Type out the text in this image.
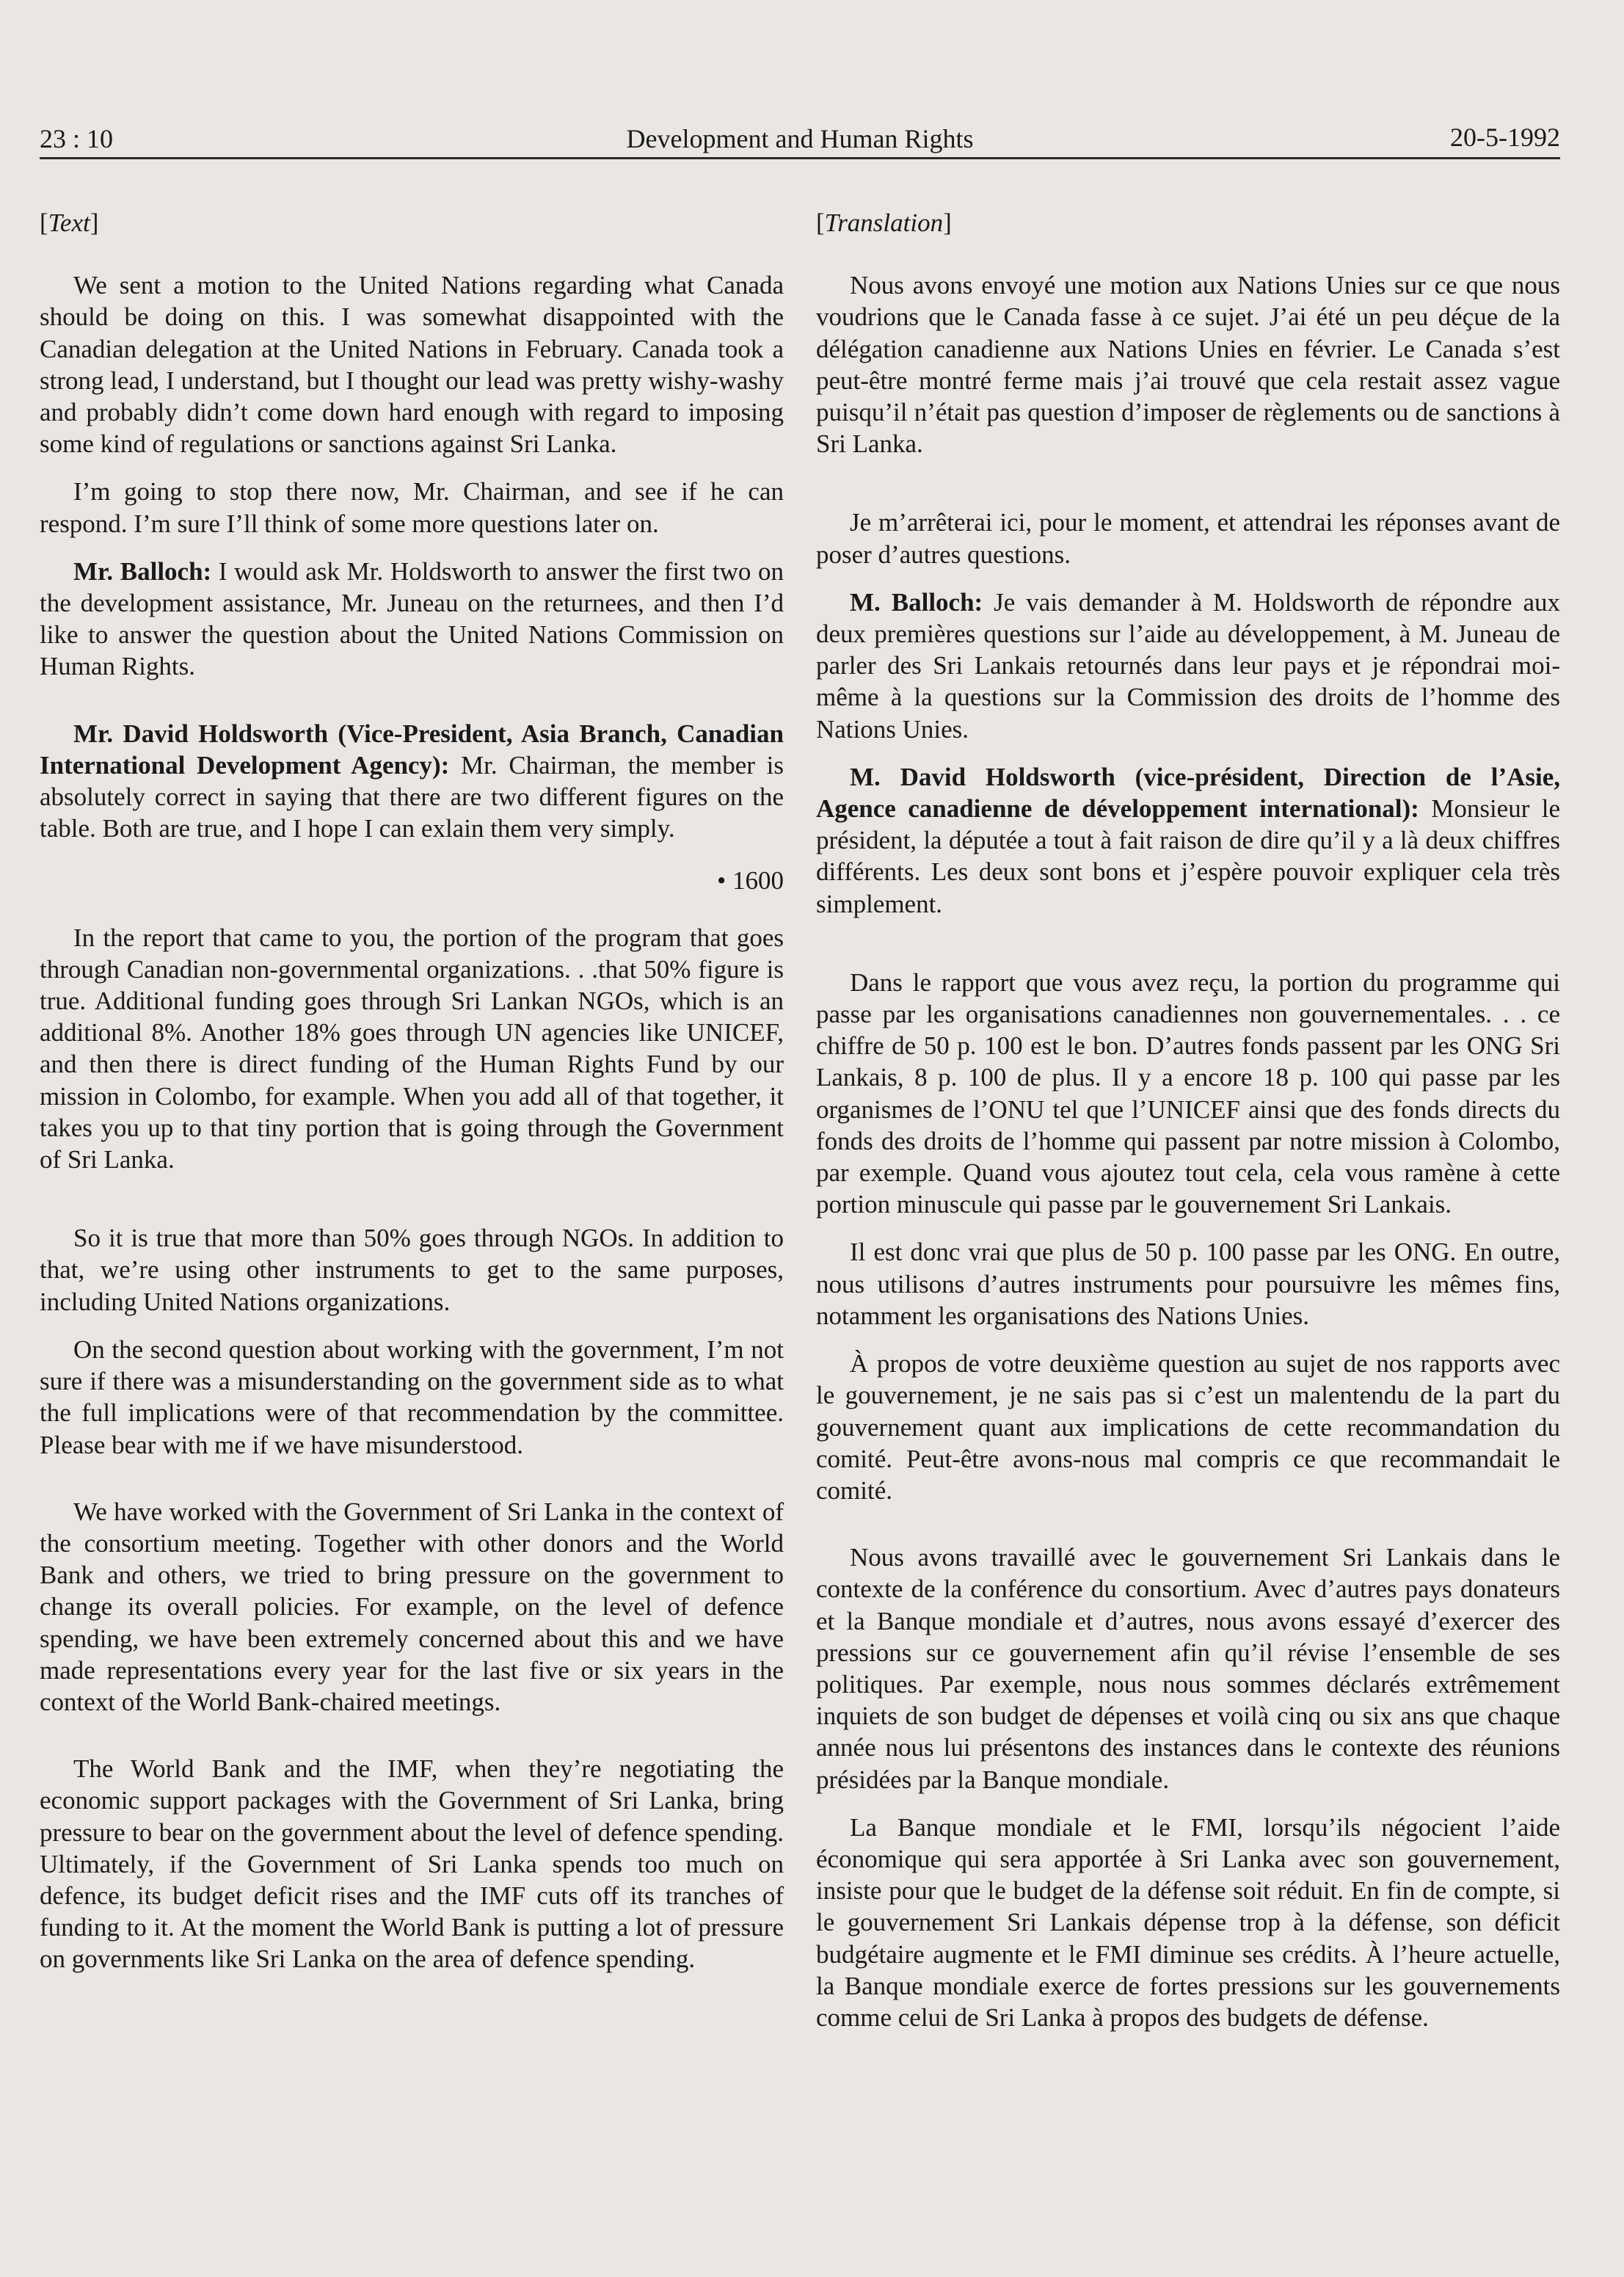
23 : 10	Development and Human Rights	20-5-1992

[Text]

We sent a motion to the United Nations regarding what Canada should be doing on this. I was somewhat disappointed with the Canadian delegation at the United Nations in February. Canada took a strong lead, I understand, but I thought our lead was pretty wishy-washy and probably didn’t come down hard enough with regard to imposing some kind of regulations or sanctions against Sri Lanka.

I’m going to stop there now, Mr. Chairman, and see if he can respond. I’m sure I’ll think of some more questions later on.

Mr. Balloch: I would ask Mr. Holdsworth to answer the first two on the development assistance, Mr. Juneau on the returnees, and then I’d like to answer the question about the United Nations Commission on Human Rights.

Mr. David Holdsworth (Vice-President, Asia Branch, Canadian International Development Agency): Mr. Chairman, the member is absolutely correct in saying that there are two different figures on the table. Both are true, and I hope I can exlain them very simply.

• 1600

In the report that came to you, the portion of the program that goes through Canadian non-governmental organizations. . .that 50% figure is true. Additional funding goes through Sri Lankan NGOs, which is an additional 8%. Another 18% goes through UN agencies like UNICEF, and then there is direct funding of the Human Rights Fund by our mission in Colombo, for example. When you add all of that together, it takes you up to that tiny portion that is going through the Government of Sri Lanka.

So it is true that more than 50% goes through NGOs. In addition to that, we’re using other instruments to get to the same purposes, including United Nations organizations.

On the second question about working with the government, I’m not sure if there was a misunderstanding on the government side as to what the full implications were of that recommendation by the committee. Please bear with me if we have misunderstood.

We have worked with the Government of Sri Lanka in the context of the consortium meeting. Together with other donors and the World Bank and others, we tried to bring pressure on the government to change its overall policies. For example, on the level of defence spending, we have been extremely concerned about this and we have made representations every year for the last five or six years in the context of the World Bank-chaired meetings.

The World Bank and the IMF, when they’re negotiating the economic support packages with the Government of Sri Lanka, bring pressure to bear on the government about the level of defence spending. Ultimately, if the Government of Sri Lanka spends too much on defence, its budget deficit rises and the IMF cuts off its tranches of funding to it. At the moment the World Bank is putting a lot of pressure on governments like Sri Lanka on the area of defence spending.

[Translation]

Nous avons envoyé une motion aux Nations Unies sur ce que nous voudrions que le Canada fasse à ce sujet. J’ai été un peu déçue de la délégation canadienne aux Nations Unies en février. Le Canada s’est peut-être montré ferme mais j’ai trouvé que cela restait assez vague puisqu’il n’était pas question d’imposer de règlements ou de sanctions à Sri Lanka.

Je m’arrêterai ici, pour le moment, et attendrai les réponses avant de poser d’autres questions.

M. Balloch: Je vais demander à M. Holdsworth de répondre aux deux premières questions sur l’aide au développement, à M. Juneau de parler des Sri Lankais retournés dans leur pays et je répondrai moi-même à la questions sur la Commission des droits de l’homme des Nations Unies.

M. David Holdsworth (vice-président, Direction de l’Asie, Agence canadienne de développement international): Monsieur le président, la députée a tout à fait raison de dire qu’il y a là deux chiffres différents. Les deux sont bons et j’espère pouvoir expliquer cela très simplement.

Dans le rapport que vous avez reçu, la portion du programme qui passe par les organisations canadiennes non gouvernementales. . . ce chiffre de 50 p. 100 est le bon. D’autres fonds passent par les ONG Sri Lankais, 8 p. 100 de plus. Il y a encore 18 p. 100 qui passe par les organismes de l’ONU tel que l’UNICEF ainsi que des fonds directs du fonds des droits de l’homme qui passent par notre mission à Colombo, par exemple. Quand vous ajoutez tout cela, cela vous ramène à cette portion minuscule qui passe par le gouvernement Sri Lankais.

Il est donc vrai que plus de 50 p. 100 passe par les ONG. En outre, nous utilisons d’autres instruments pour poursuivre les mêmes fins, notamment les organisations des Nations Unies.

À propos de votre deuxième question au sujet de nos rapports avec le gouvernement, je ne sais pas si c’est un malentendu de la part du gouvernement quant aux implications de cette recommandation du comité. Peut-être avons-nous mal compris ce que recommandait le comité.

Nous avons travaillé avec le gouvernement Sri Lankais dans le contexte de la conférence du consortium. Avec d’autres pays donateurs et la Banque mondiale et d’autres, nous avons essayé d’exercer des pressions sur ce gouvernement afin qu’il révise l’ensemble de ses politiques. Par exemple, nous nous sommes déclarés extrêmement inquiets de son budget de dépenses et voilà cinq ou six ans que chaque année nous lui présentons des instances dans le contexte des réunions présidées par la Banque mondiale.

La Banque mondiale et le FMI, lorsqu’ils négocient l’aide économique qui sera apportée à Sri Lanka avec son gouvernement, insiste pour que le budget de la défense soit réduit. En fin de compte, si le gouvernement Sri Lankais dépense trop à la défense, son déficit budgétaire augmente et le FMI diminue ses crédits. À l’heure actuelle, la Banque mondiale exerce de fortes pressions sur les gouvernements comme celui de Sri Lanka à propos des budgets de défense.
